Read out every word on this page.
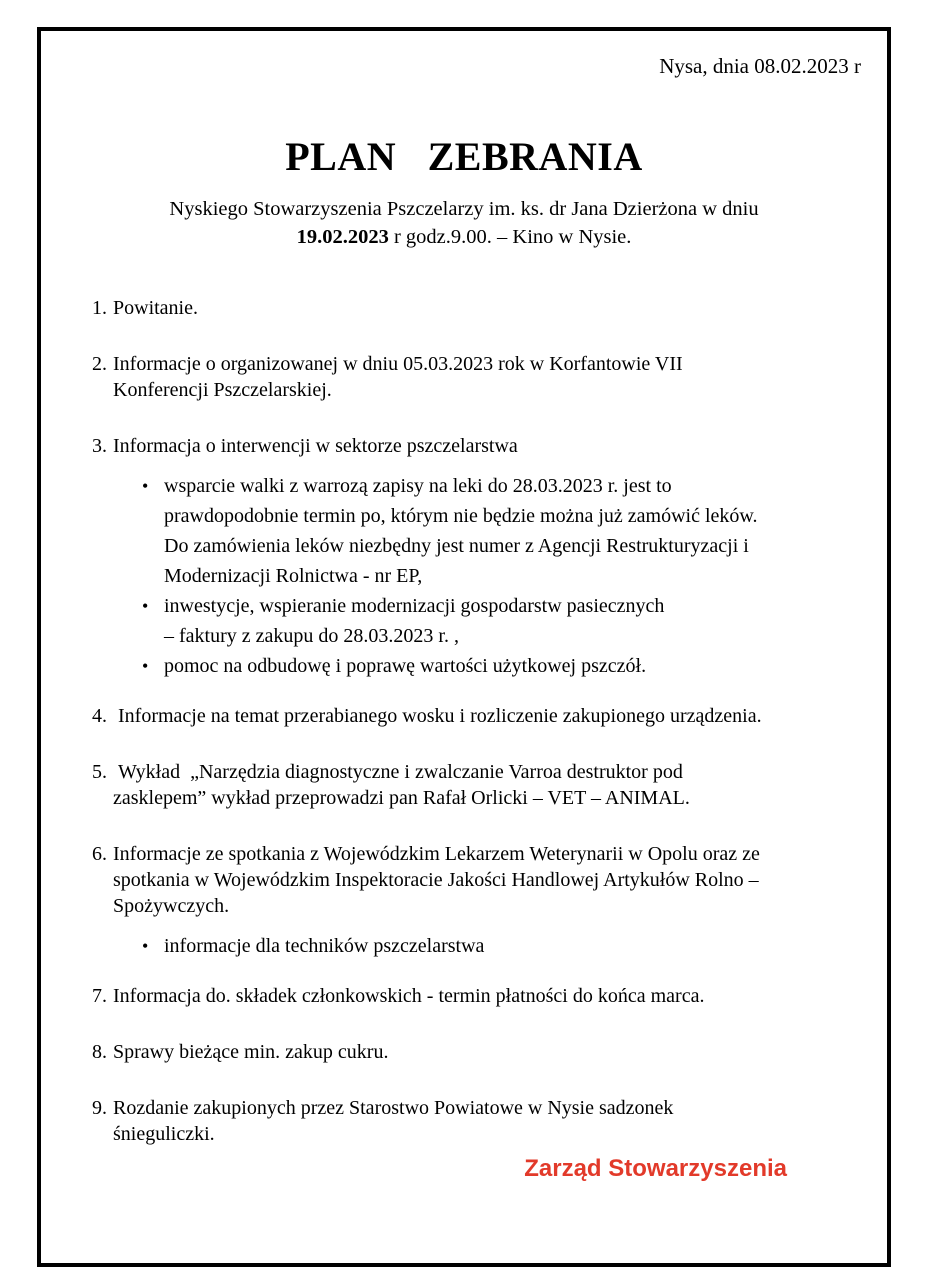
Nysa, dnia 08.02.2023 r
PLAN   ZEBRANIA

Nyskiego Stowarzyszenia Pszczelarzy im. ks. dr Jana Dzierżona w dniu
19.02.2023 r godz.9.00. – Kino w Nysie.

1. Powitanie.
2. Informacje o organizowanej w dniu 05.03.2023 rok w Korfantowie VII
Konferencji Pszczelarskiej.
3. Informacja o interwencji w sektorze pszczelarstwa
• wsparcie walki z warrozą zapisy na leki do 28.03.2023 r. jest to
prawdopodobnie termin po, którym nie będzie można już zamówić leków.
Do zamówienia leków niezbędny jest numer z Agencji Restrukturyzacji i
Modernizacji Rolnictwa - nr EP,
• inwestycje, wspieranie modernizacji gospodarstw pasiecznych
– faktury z zakupu do 28.03.2023 r. ,
• pomoc na odbudowę i poprawę wartości użytkowej pszczół.
4. Informacje na temat przerabianego wosku i rozliczenie zakupionego urządzenia.
5. Wykład  „Narzędzia diagnostyczne i zwalczanie Varroa destruktor pod
zasklepem” wykład przeprowadzi pan Rafał Orlicki – VET – ANIMAL.
6. Informacje ze spotkania z Wojewódzkim Lekarzem Weterynarii w Opolu oraz ze
spotkania w Wojewódzkim Inspektoracie Jakości Handlowej Artykułów Rolno –
Spożywczych.
• informacje dla techników pszczelarstwa
7. Informacja do. składek członkowskich - termin płatności do końca marca.
8. Sprawy bieżące min. zakup cukru.
9. Rozdanie zakupionych przez Starostwo Powiatowe w Nysie sadzonek
śnieguliczki.
Zarząd Stowarzyszenia
